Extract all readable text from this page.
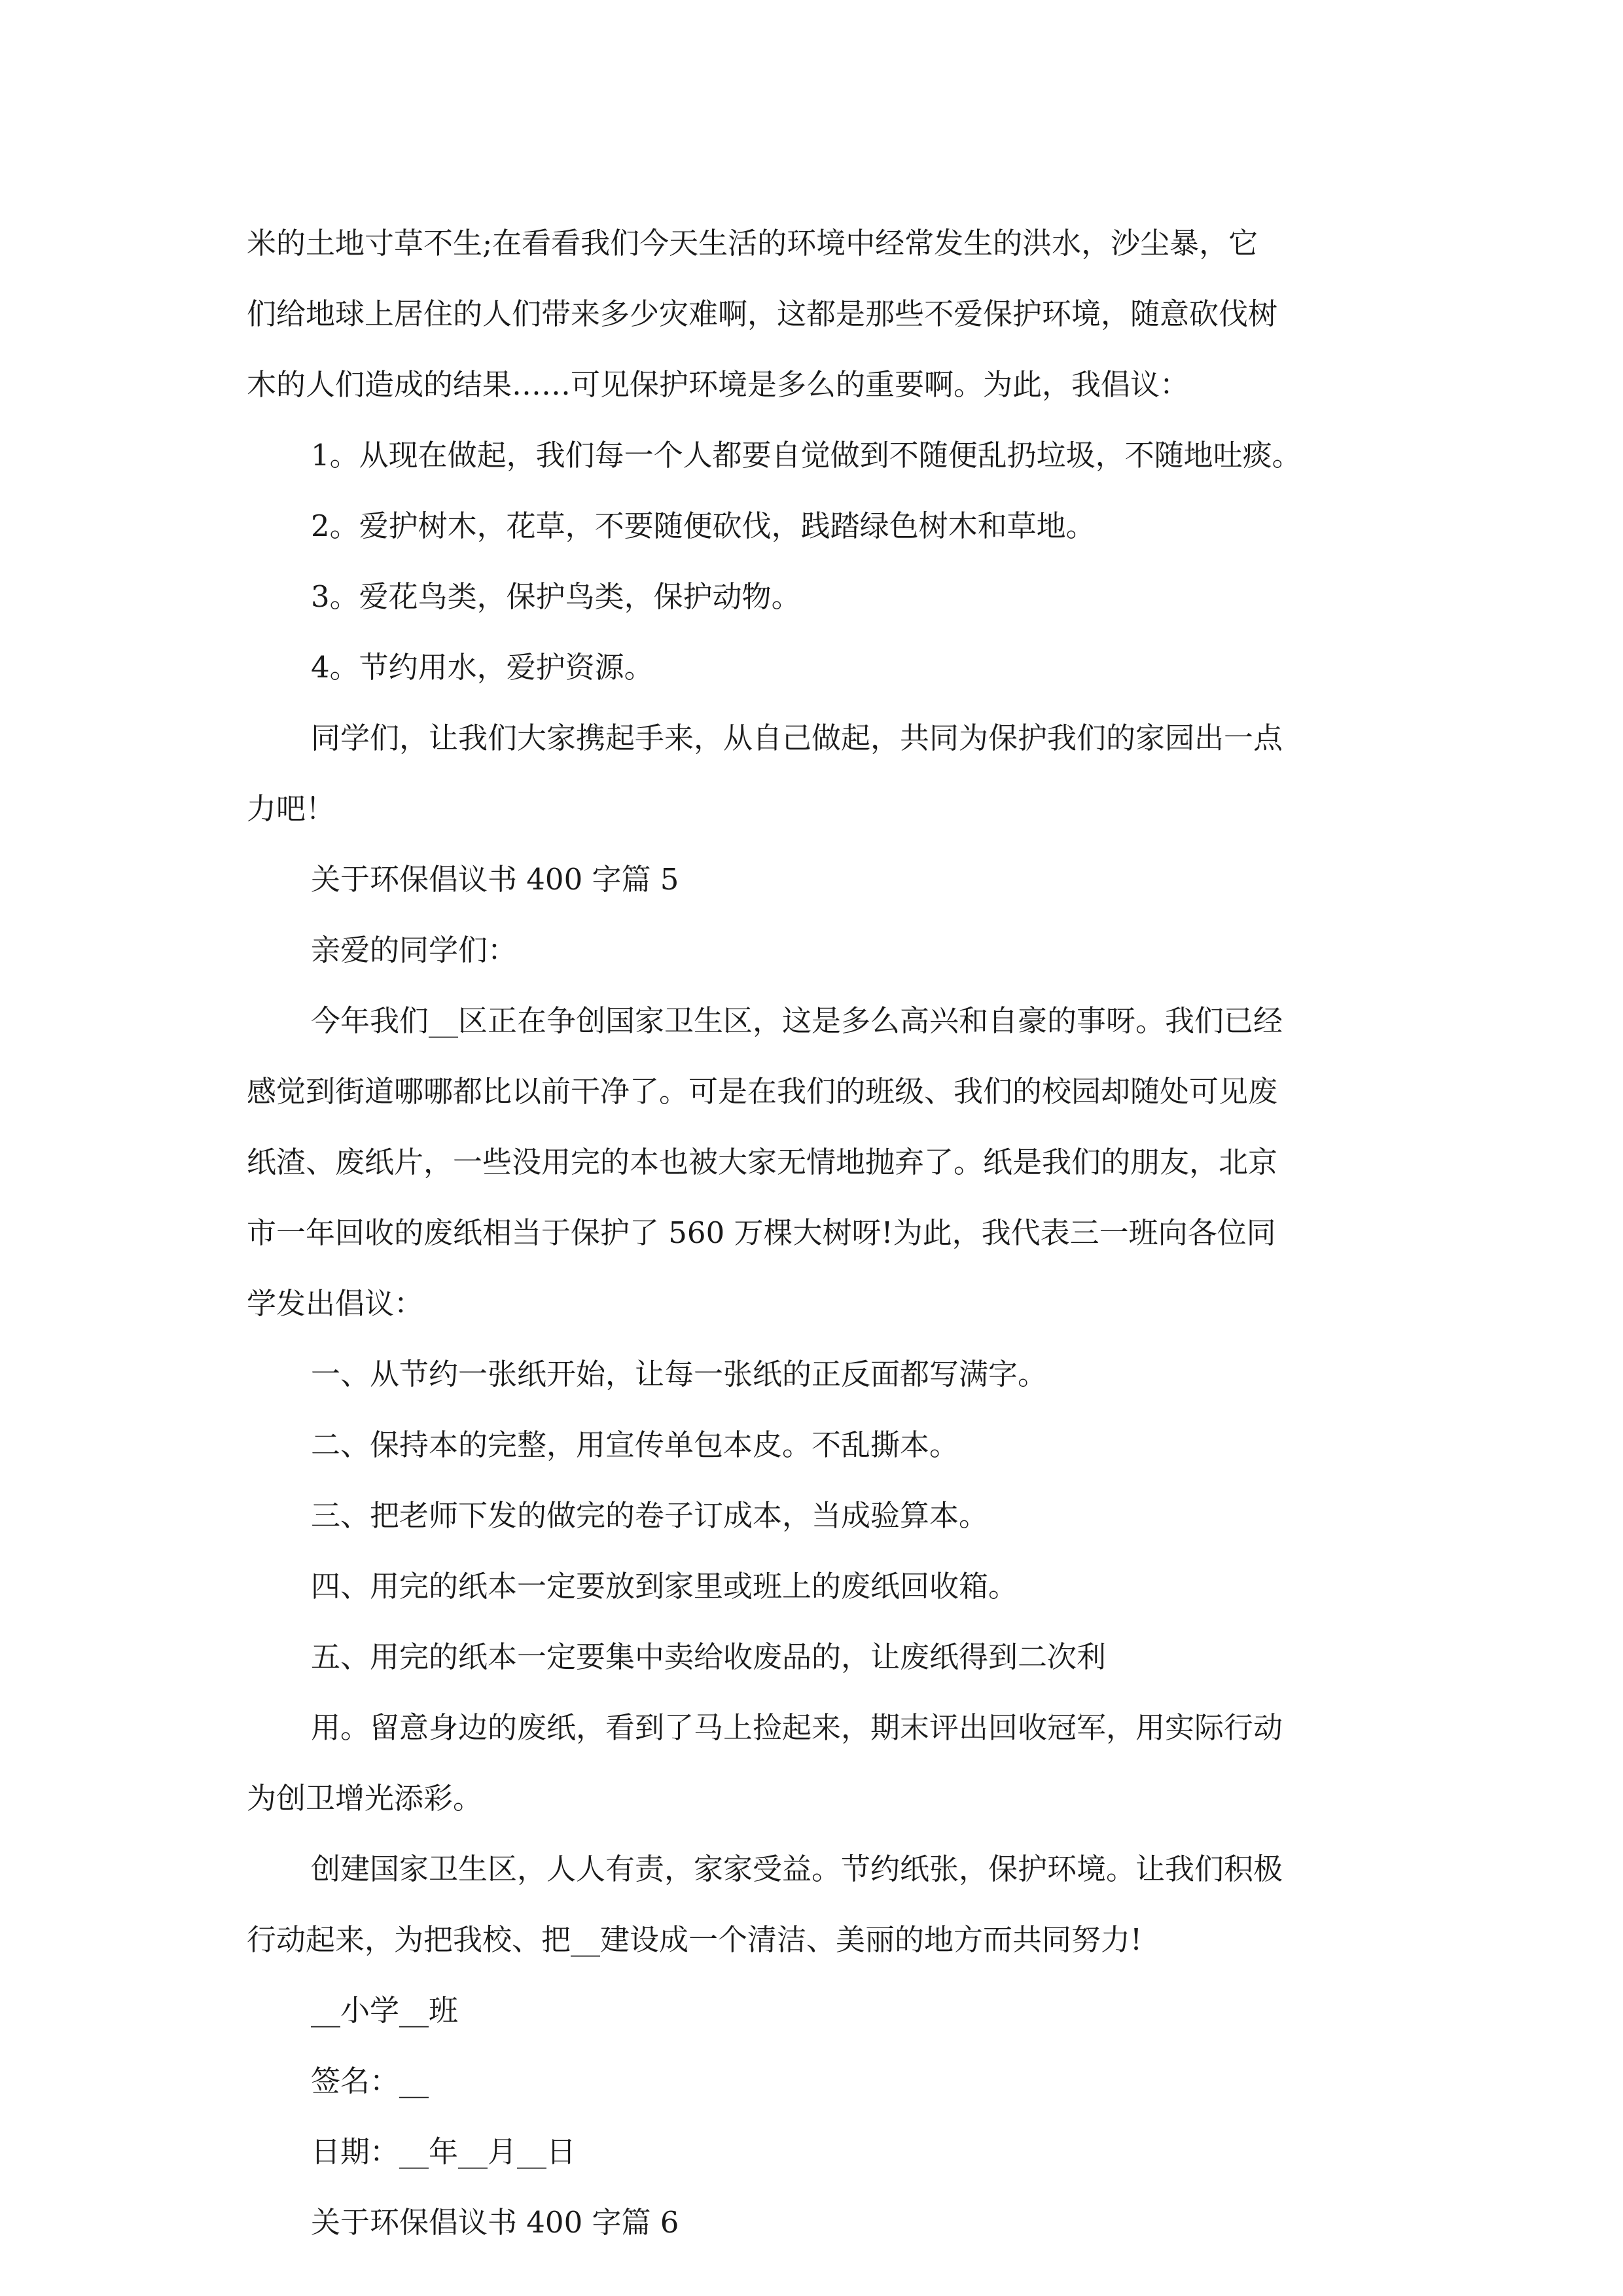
米的土地寸草不生;在看看我们今天生活的环境中经常发生的洪水，沙尘暴，它
们给地球上居住的人们带来多少灾难啊，这都是那些不爱保护环境，随意砍伐树
木的人们造成的结果……可见保护环境是多么的重要啊。为此，我倡议：
1。从现在做起，我们每一个人都要自觉做到不随便乱扔垃圾，不随地吐痰。
2。爱护树木，花草，不要随便砍伐，践踏绿色树木和草地。
3。爱花鸟类，保护鸟类，保护动物。
4。节约用水，爱护资源。
同学们，让我们大家携起手来，从自己做起，共同为保护我们的家园出一点
力吧！
关于环保倡议书 400 字篇 5
亲爱的同学们：
今年我们__区正在争创国家卫生区，这是多么高兴和自豪的事呀。我们已经
感觉到街道哪哪都比以前干净了。可是在我们的班级、我们的校园却随处可见废
纸渣、废纸片，一些没用完的本也被大家无情地抛弃了。纸是我们的朋友，北京
市一年回收的废纸相当于保护了 560 万棵大树呀!为此，我代表三一班向各位同
学发出倡议：
一、从节约一张纸开始，让每一张纸的正反面都写满字。
二、保持本的完整，用宣传单包本皮。不乱撕本。
三、把老师下发的做完的卷子订成本，当成验算本。
四、用完的纸本一定要放到家里或班上的废纸回收箱。
五、用完的纸本一定要集中卖给收废品的，让废纸得到二次利
用。留意身边的废纸，看到了马上捡起来，期末评出回收冠军，用实际行动
为创卫增光添彩。
创建国家卫生区，人人有责，家家受益。节约纸张，保护环境。让我们积极
行动起来，为把我校、把__建设成一个清洁、美丽的地方而共同努力!
__小学__班
签名：__
日期：__年__月__日
关于环保倡议书 400 字篇 6
